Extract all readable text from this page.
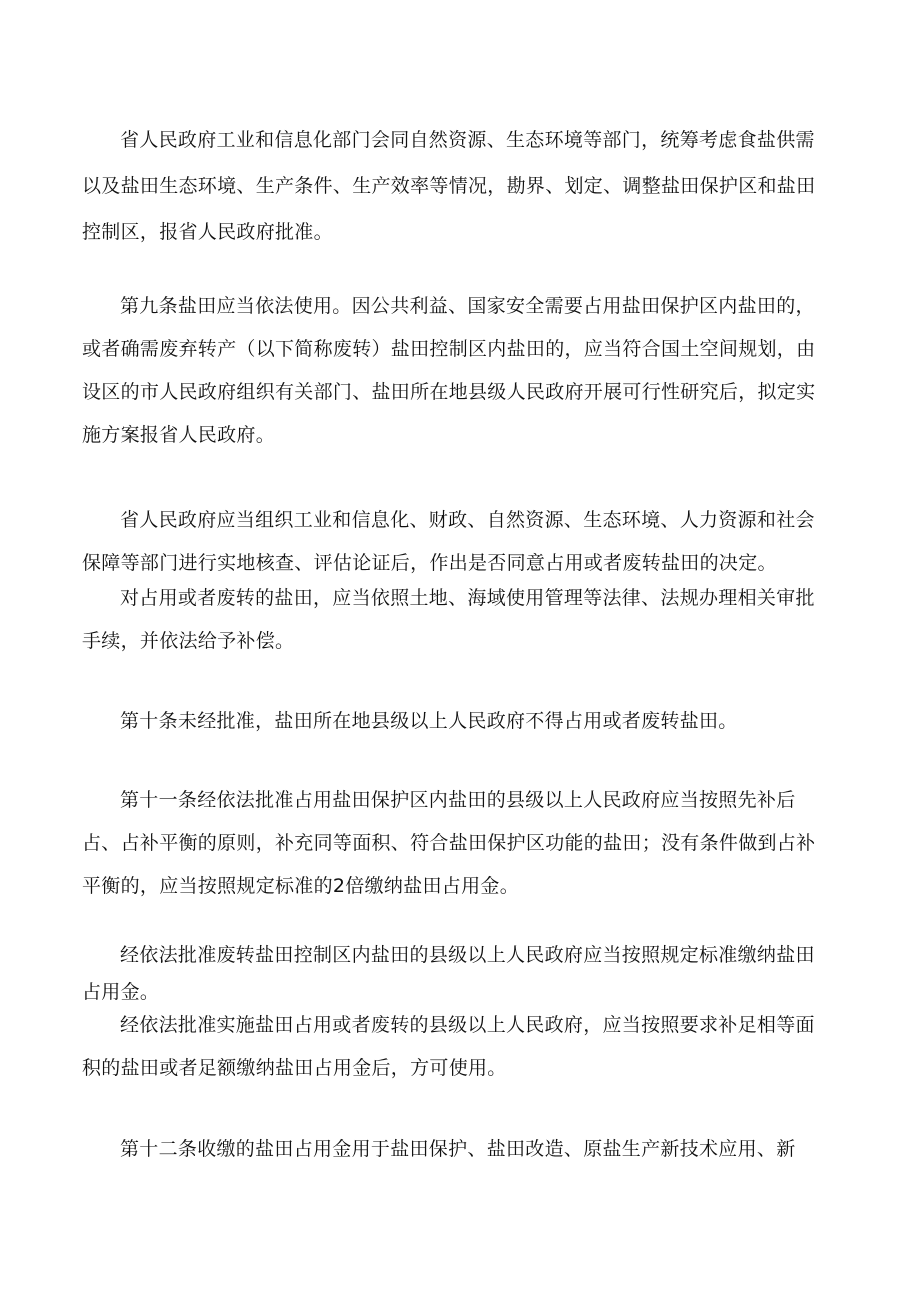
省人民政府工业和信息化部门会同自然资源、生态环境等部门，统筹考虑食盐供需以及盐田生态环境、生产条件、生产效率等情况，勘界、划定、调整盐田保护区和盐田控制区，报省人民政府批准。

第九条盐田应当依法使用。因公共利益、国家安全需要占用盐田保护区内盐田的，或者确需废弃转产（以下简称废转）盐田控制区内盐田的，应当符合国土空间规划，由设区的市人民政府组织有关部门、盐田所在地县级人民政府开展可行性研究后，拟定实施方案报省人民政府。

省人民政府应当组织工业和信息化、财政、自然资源、生态环境、人力资源和社会保障等部门进行实地核查、评估论证后，作出是否同意占用或者废转盐田的决定。

对占用或者废转的盐田，应当依照土地、海域使用管理等法律、法规办理相关审批手续，并依法给予补偿。

第十条未经批准，盐田所在地县级以上人民政府不得占用或者废转盐田。

第十一条经依法批准占用盐田保护区内盐田的县级以上人民政府应当按照先补后占、占补平衡的原则，补充同等面积、符合盐田保护区功能的盐田；没有条件做到占补平衡的，应当按照规定标准的2倍缴纳盐田占用金。

经依法批准废转盐田控制区内盐田的县级以上人民政府应当按照规定标准缴纳盐田占用金。

经依法批准实施盐田占用或者废转的县级以上人民政府，应当按照要求补足相等面积的盐田或者足额缴纳盐田占用金后，方可使用。

第十二条收缴的盐田占用金用于盐田保护、盐田改造、原盐生产新技术应用、新
